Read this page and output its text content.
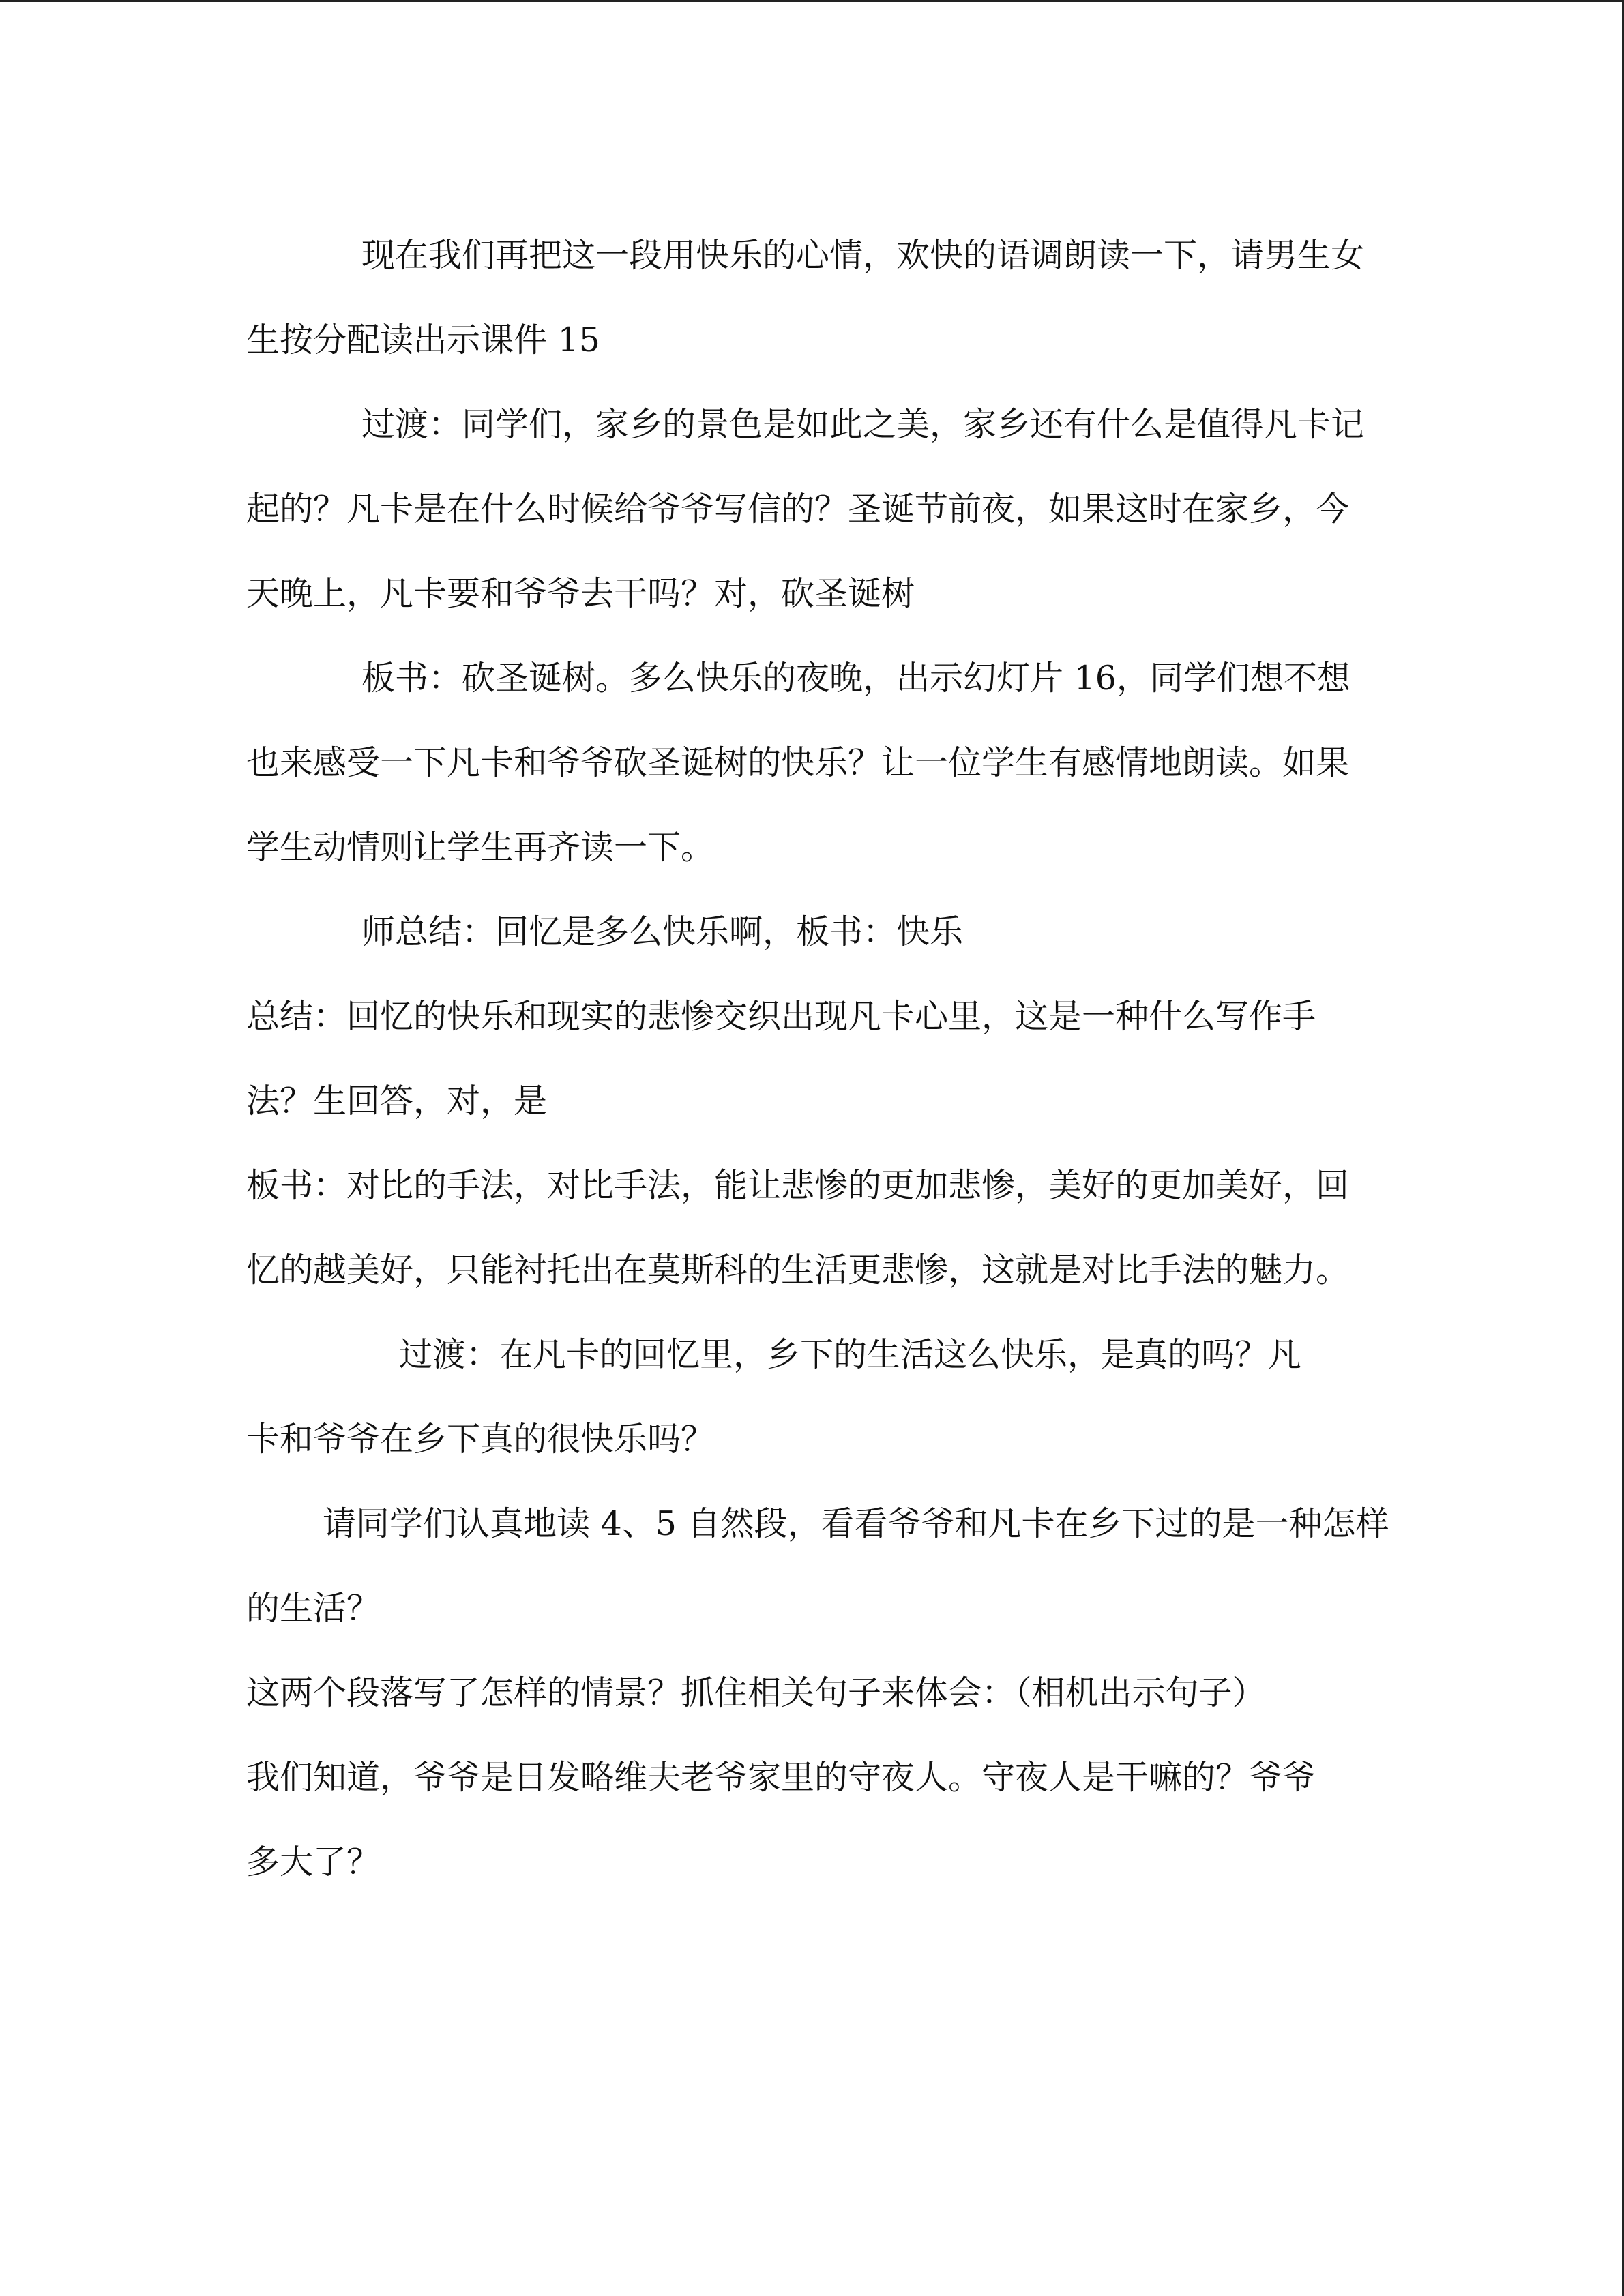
现在我们再把这一段用快乐的心情，欢快的语调朗读一下，请男生女生按分配读出示课件 15

过渡：同学们，家乡的景色是如此之美，家乡还有什么是值得凡卡记起的？凡卡是在什么时候给爷爷写信的？圣诞节前夜，如果这时在家乡，今天晚上，凡卡要和爷爷去干吗？对，砍圣诞树

板书：砍圣诞树。多么快乐的夜晚，出示幻灯片 16，同学们想不想也来感受一下凡卡和爷爷砍圣诞树的快乐？让一位学生有感情地朗读。如果学生动情则让学生再齐读一下。

师总结：回忆是多么快乐啊，板书：快乐

总结：回忆的快乐和现实的悲惨交织出现凡卡心里，这是一种什么写作手法？生回答，对，是

板书：对比的手法，对比手法，能让悲惨的更加悲惨，美好的更加美好，回忆的越美好，只能衬托出在莫斯科的生活更悲惨，这就是对比手法的魅力。

过渡：在凡卡的回忆里，乡下的生活这么快乐，是真的吗？凡卡和爷爷在乡下真的很快乐吗？

请同学们认真地读 4、5 自然段，看看爷爷和凡卡在乡下过的是一种怎样的生活？

这两个段落写了怎样的情景？抓住相关句子来体会：（相机出示句子）

我们知道，爷爷是日发略维夫老爷家里的守夜人。守夜人是干嘛的？爷爷多大了？
